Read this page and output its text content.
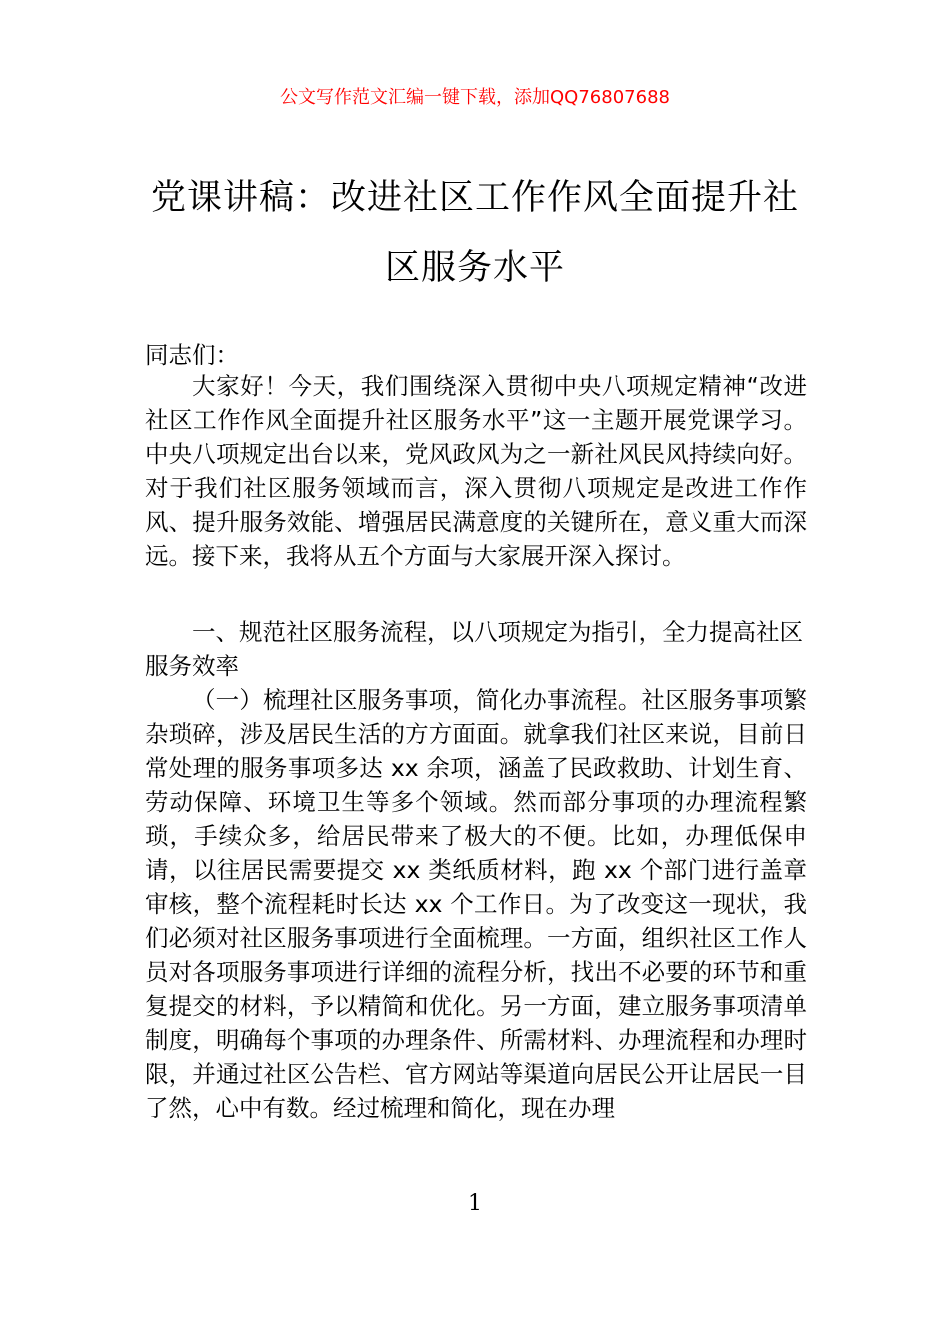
公文写作范文汇编一键下载，添加QQ76807688
党课讲稿：改进社区工作作风全面提升社
区服务水平
同志们：
大家好！今天，我们围绕深入贯彻中央八项规定精神“改进社区工作作风全面提升社区服务水平”这一主题开展党课学习。中央八项规定出台以来，党风政风为之一新社风民风持续向好。对于我们社区服务领域而言，深入贯彻八项规定是改进工作作风、提升服务效能、增强居民满意度的关键所在，意义重大而深远。接下来，我将从五个方面与大家展开深入探讨。
一、规范社区服务流程，以八项规定为指引，全力提高社区服务效率
（一）梳理社区服务事项，简化办事流程。社区服务事项繁杂琐碎，涉及居民生活的方方面面。就拿我们社区来说，目前日常处理的服务事项多达 xx 余项，涵盖了民政救助、计划生育、劳动保障、环境卫生等多个领域。然而部分事项的办理流程繁琐，手续众多，给居民带来了极大的不便。比如，办理低保申请，以往居民需要提交 xx 类纸质材料，跑 xx 个部门进行盖章审核，整个流程耗时长达 xx 个工作日。为了改变这一现状，我们必须对社区服务事项进行全面梳理。一方面，组织社区工作人员对各项服务事项进行详细的流程分析，找出不必要的环节和重复提交的材料，予以精简和优化。另一方面，建立服务事项清单制度，明确每个事项的办理条件、所需材料、办理流程和办理时限，并通过社区公告栏、官方网站等渠道向居民公开让居民一目了然，心中有数。经过梳理和简化，现在办理
1
